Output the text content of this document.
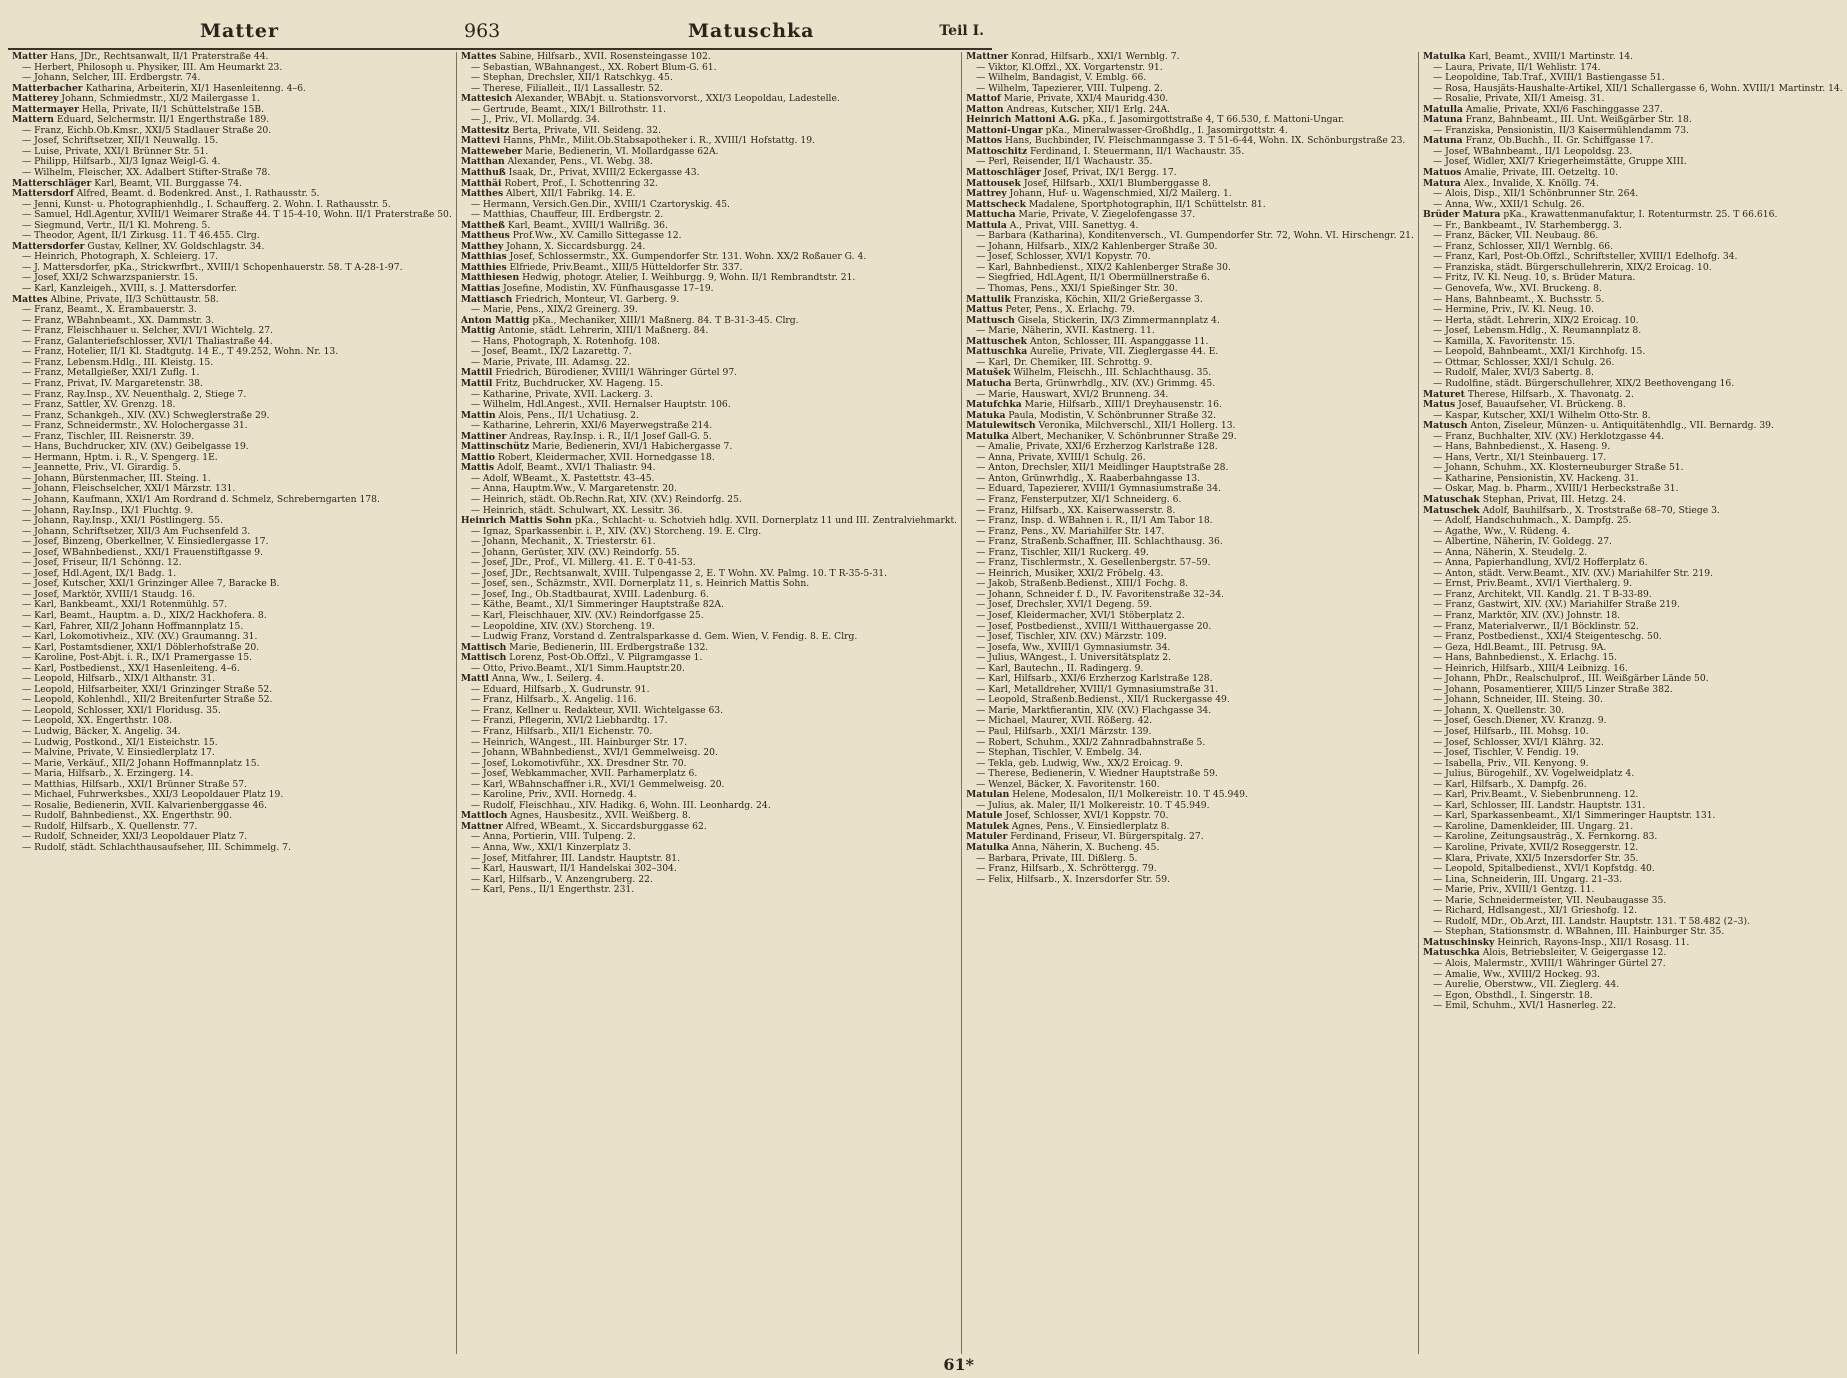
Matter	963	Matuschka	Teil I.
Matter Hans, JDr., Rechtsanwalt, II/1 Praterstraße 44.
— Herbert, Philosoph u. Physiker, III. Am Heumarkt 23.
— Johann, Selcher, III. Erdbergstr. 74.
Matterbacher Katharina, Arbeiterin, XI/1 Hasenleitenng. 4–6.
Matterey Johann, Schmiedmstr., XI/2 Mailergasse 1.
Mattermayer Hella, Private, II/1 Schüttelstraße 15B.
Mattern Eduard, Selchermstr. II/1 Engerthstraße 189.
— Franz, Eichb.Ob.Kmsr., XXI/5 Stadlauer Straße 20.
— Josef, Schriftsetzer, XII/1 Neuwallg. 15.
— Luise, Private, XXI/1 Brünner Str. 51.
— Philipp, Hilfsarb., XI/3 Ignaz Weigl-G. 4.
— Wilhelm, Fleischer, XX. Adalbert Stifter-Straße 78.
Matterschläger Karl, Beamt, VII. Burggasse 74.
Mattersdorf Alfred, Beamt. d. Bodenkred. Anst., I. Rathausstr. 5.
— Jenni, Kunst- u. Photographienhdlg., I. Schaufferg. 2. Wohn. I. Rathausstr. 5.
— Samuel, Hdl.Agentur, XVIII/1 Weimarer Straße 44. T 15-4-10, Wohn. II/1 Praterstraße 50.
— Siegmund, Vertr., II/1 Kl. Mohreng. 5.
— Theodor, Agent, II/1 Zirkusg. 11. T 46.455. Clrg.
Mattersdorfer Gustav, Kellner, XV. Goldschlagstr. 34.
— Heinrich, Photograph, X. Schleierg. 17.
— J. Mattersdorfer, pKa., Strickwrfbrt., XVIII/1 Schopenhauerstr. 58. T A-28-1-97.
— Josef, XXI/2 Schwarzspanierstr. 15.
— Karl, Kanzleigeh., XVIII, s. J. Mattersdorfer.
Mattes Albine, Private, II/3 Schüttaustr. 58.
— Franz, Beamt., X. Erambauerstr. 3.
— Franz, WBahnbeamt., XX. Dammstr. 3.
— Franz, Fleischhauer u. Selcher, XVI/1 Wichtelg. 27.
— Franz, Galanteriefschlosser, XVI/1 Thaliastraße 44.
— Franz, Hotelier, II/1 Kl. Stadtgutg. 14 E., T 49.252, Wohn. Nr. 13.
— Franz, Lebensm.Hdlg., III. Kleistg. 15.
— Franz, Metallgießer, XXI/1 Zuflg. 1.
— Franz, Privat, IV. Margaretenstr. 38.
— Franz, Ray.Insp., XV. Neuenthalg. 2, Stiege 7.
— Franz, Sattler, XV. Grenzg. 18.
— Franz, Schankgeh., XIV. (XV.) Schweglerstraße 29.
— Franz, Schneidermstr., XV. Holochergasse 31.
— Franz, Tischler, III. Reisnerstr. 39.
— Hans, Buchdrucker, XIV. (XV.) Geibelgasse 19.
— Hermann, Hptm. i. R., V. Spengerg. 1E.
— Jeannette, Priv., VI. Girardig. 5.
— Johann, Bürstenmacher, III. Steing. 1.
— Johann, Fleischselcher, XXI/1 Märzstr. 131.
— Johann, Kaufmann, XXI/1 Am Rordrand d. Schmelz, Schreberngarten 178.
— Johann, Ray.Insp., IX/1 Fluchtg. 9.
— Johann, Ray.Insp., XXI/1 Pöstlingerg. 55.
— Johann, Schriftsetzer, XII/3 Am Fuchsenfeld 3.
— Josef, Binzeng, Oberkellner, V. Einsiedlergasse 17.
— Josef, WBahnbedienst., XXI/1 Frauenstiftgasse 9.
— Josef, Friseur, II/1 Schönng. 12.
— Josef, Hdl.Agent, IX/1 Badg. 1.
— Josef, Kutscher, XXI/1 Grinzinger Allee 7, Baracke B.
— Josef, Marktör, XVIII/1 Staudg. 16.
— Karl, Bankbeamt., XXI/1 Rotenmühlg. 57.
— Karl, Beamt., Hauptm. a. D., XIX/2 Hackhofera. 8.
— Karl, Fahrer, XII/2 Johann Hoffmannplatz 15.
— Karl, Lokomotivheiz., XIV. (XV.) Graumanng. 31.
— Karl, Postamtsdiener, XXI/1 Döblerhofstraße 20.
— Karoline, Post-Abjt. i. R., IX/1 Pramergasse 15.
— Karl, Postbedienst., XX/1 Hasenleiteng. 4–6.
— Leopold, Hilfsarb., XIX/1 Althanstr. 31.
— Leopold, Hilfsarbeiter, XXI/1 Grinzinger Straße 52.
— Leopold, Kohlenhdl., XII/2 Breitenfurter Straße 52.
— Leopold, Schlosser, XXI/1 Floridusg. 35.
— Leopold, XX. Engerthstr. 108.
— Ludwig, Bäcker, X. Angelig. 34.
— Ludwig, Postkond., XI/1 Eisteichstr. 15.
— Malvine, Private, V. Einsiedlerplatz 17.
— Marie, Verkäuf., XII/2 Johann Hoffmannplatz 15.
— Maria, Hilfsarb., X. Erzingerg. 14.
— Matthias, Hilfsarb., XXI/1 Brünner Straße 57.
— Michael, Fuhrwerksbes., XXI/3 Leopoldauer Platz 19.
— Rosalie, Bedienerin, XVII. Kalvarienberggasse 46.
— Rudolf, Bahnbedienst., XX. Engerthstr. 90.
— Rudolf, Hilfsarb., X. Quellenstr. 77.
— Rudolf, Schneider, XXI/3 Leopoldauer Platz 7.
— Rudolf, städt. Schlachthausaufseher, III. Schimmelg. 7.
Mattes Sabine, Hilfsarb., XVII. Rosensteingasse 102.
— Sebastian, WBahnangest., XX. Robert Blum-G. 61.
— Stephan, Drechsler, XII/1 Ratschkyg. 45.
— Therese, Filialleit., II/1 Lassallestr. 52.
Mattesich Alexander, WBAbjt. u. Stationsvorvorst., XXI/3 Leopoldau, Ladestelle.
— Gertrude, Beamt., XIX/1 Billrothstr. 11.
— J., Priv., VI. Mollardg. 34.
Mattesitz Berta, Private, VII. Seideng. 32.
Mattevi Hanns, PhMr., Milit.Ob.Stabsapotheker i. R., XVIII/1 Hofstattg. 19.
Matteweber Marie, Bedienerin, VI. Mollardgasse 62A.
Matthan Alexander, Pens., VI. Webg. 38.
Matthuß Isaak, Dr., Privat, XVIII/2 Eckergasse 43.
Matthäi Robert, Prof., I. Schottenring 32.
Matthes Albert, XII/1 Fabrikg. 14. E.
— Hermann, Versich.Gen.Dir., XVIII/1 Czartoryskig. 45.
— Matthias, Chauffeur, III. Erdbergstr. 2.
Mattheß Karl, Beamt., XVIII/1 Wallrißg. 36.
Mattheus Prof.Ww., XV. Camillo Sittegasse 12.
Matthey Johann, X. Siccardsburgg. 24.
Matthias Josef, Schlossermstr., XX. Gumpendorfer Str. 131. Wohn. XX/2 Roßauer G. 4.
Matthies Elfriede, Priv.Beamt., XIII/5 Hütteldorfer Str. 337.
Matthiesen Hedwig, photogr. Atelier, I. Weihburgg. 9, Wohn. II/1 Rembrandtstr. 21.
Mattias Josefine, Modistin, XV. Fünfhausgasse 17–19.
Mattiasch Friedrich, Monteur, VI. Garberg. 9.
— Marie, Pens., XIX/2 Greinerg. 39.
Anton Mattig pKa., Mechaniker, XIII/1 Maßnerg. 84. T B-31-3-45. Clrg.
Mattig Antonie, städt. Lehrerin, XIII/1 Maßnerg. 84.
— Hans, Photograph, X. Rotenhofg. 108.
— Josef, Beamt., IX/2 Lazarettg. 7.
— Marie, Private, III. Adamsg. 22.
Mattil Friedrich, Bürodiener, XVIII/1 Währinger Gürtel 97.
Mattil Fritz, Buchdrucker, XV. Hageng. 15.
— Katharine, Private, XVII. Lackerg. 3.
— Wilhelm, Hdl.Angest., XVII. Hernalser Hauptstr. 106.
Mattin Alois, Pens., II/1 Uchatiusg. 2.
— Katharine, Lehrerin, XXI/6 Mayerwegstraße 214.
Mattiner Andreas, Ray.Insp. i. R., II/1 Josef Gall-G. 5.
Mattinschütz Marie, Bedienerin, XVI/1 Habichergasse 7.
Mattio Robert, Kleidermacher, XVII. Hornedgasse 18.
Mattis Adolf, Beamt., XVI/1 Thaliastr. 94.
— Adolf, WBeamt., X. Pastettstr. 43–45.
— Anna, Hauptm.Ww., V. Margaretenstr. 20.
— Heinrich, städt. Ob.Rechn.Rat, XIV. (XV.) Reindorfg. 25.
— Heinrich, städt. Schulwart, XX. Lessitr. 36.
Heinrich Mattis Sohn pKa., Schlacht- u. Schotvieh hdlg. XVII. Dornerplatz 11 und III. Zentralviehmarkt.
— Ignaz, Sparkassenbir. i. P., XIV. (XV.) Storcheng. 19. E. Clrg.
— Johann, Mechanit., X. Triesterstr. 61.
— Johann, Gerüster, XIV. (XV.) Reindorfg. 55.
— Josef, JDr., Prof., VI. Millerg. 41. E. T 0-41-53.
— Josef, JDr., Rechtsanwalt, XVIII. Tulpengasse 2, E. T Wohn. XV. Palmg. 10. T R-35-5-31.
— Josef, sen., Schäzmstr., XVII. Dornerplatz 11, s. Heinrich Mattis Sohn.
— Josef, Ing., Ob.Stadtbaurat, XVIII. Ladenburg. 6.
— Käthe, Beamt., XI/1 Simmeringer Hauptstraße 82A.
— Karl, Fleischhauer, XIV. (XV.) Reindorfgasse 25.
— Leopoldine, XIV. (XV.) Storcheng. 19.
— Ludwig Franz, Vorstand d. Zentralsparkasse d. Gem. Wien, V. Fendig. 8. E. Clrg.
Mattisch Marie, Bedienerin, III. Erdbergstraße 132.
Mattisch Lorenz, Post-Ob.Offzl., V. Pilgramgasse 1.
— Otto, Privo.Beamt., XI/1 Simm.Hauptstr.20.
Mattl Anna, Ww., I. Seilerg. 4.
— Eduard, Hilfsarb., X. Gudrunstr. 91.
— Franz, Hilfsarb., X. Angelig. 116.
— Franz, Kellner u. Redakteur, XVII. Wichtelgasse 63.
— Franzi, Pflegerin, XVI/2 Liebhardtg. 17.
— Franz, Hilfsarb., XII/1 Eichenstr. 70.
— Heinrich, WAngest., III. Hainburger Str. 17.
— Johann, WBahnbedienst., XVI/1 Gemmelweisg. 20.
— Josef, Lokomotivführ., XX. Dresdner Str. 70.
— Josef, Webkammacher, XVII. Parhamerplatz 6.
— Karl, WBahnschaffner i.R., XVI/1 Gemmelweisg. 20.
— Karoline, Priv., XVII. Hornedg. 4.
— Rudolf, Fleischhau., XIV. Hadikg. 6, Wohn. III. Leonhardg. 24.
Mattloch Agnes, Hausbesitz., XVII. Weißberg. 8.
Mattner Alfred, WBeamt., X. Siccardsburggasse 62.
— Anna, Portierin, VIII. Tulpeng. 2.
— Anna, Ww., XXI/1 Kinzerplatz 3.
— Josef, Mitfahrer, III. Landstr. Hauptstr. 81.
— Karl, Hauswart, II/1 Handelskai 302–304.
— Karl, Hilfsarb., V. Anzengruberg. 22.
— Karl, Pens., II/1 Engerthstr. 231.
Mattner Konrad, Hilfsarb., XXI/1 Wernblg. 7.
— Viktor, Kl.Offzl., XX. Vorgartenstr. 91.
— Wilhelm, Bandagist, V. Emblg. 66.
— Wilhelm, Tapezierer, VIII. Tulpeng. 2.
Mattof Marie, Private, XXI/4 Mauridg.430.
Matton Andreas, Kutscher, XII/1 Erlg. 24A.
Heinrich Mattoni A.G. pKa., f. Jasomirgottstraße 4, T 66.530, f. Mattoni-Ungar.
Mattoni-Ungar pKa., Mineralwasser-Großhdlg., I. Jasomirgottstr. 4.
Mattos Hans, Buchbinder, IV. Fleischmanngasse 3. T 51-6-44, Wohn. IX. Schönburgstraße 23.
Mattoschitz Ferdinand, I. Steuermann, II/1 Wachaustr. 35.
— Perl, Reisender, II/1 Wachaustr. 35.
Mattoschläger Josef, Privat, IX/1 Bergg. 17.
Mattousek Josef, Hilfsarb., XXI/1 Blumberggasse 8.
Mattrey Johann, Huf- u. Wagenschmied, XI/2 Mailerg. 1.
Mattscheck Madalene, Sportphotographin, II/1 Schüttelstr. 81.
Mattucha Marie, Private, V. Ziegelofengasse 37.
Mattula A., Privat, VIII. Sanettyg. 4.
— Barbara (Katharina), Konditenversch., VI. Gumpendorfer Str. 72, Wohn. VI. Hirschengr. 21.
— Johann, Hilfsarb., XIX/2 Kahlenberger Straße 30.
— Josef, Schlosser, XVI/1 Kopystr. 70.
— Karl, Bahnbedienst., XIX/2 Kahlenberger Straße 30.
— Siegfried, Hdl.Agent, II/1 Obermüllnerstraße 6.
— Thomas, Pens., XXI/1 Spießinger Str. 30.
Mattulik Franziska, Köchin, XII/2 Grießergasse 3.
Mattus Peter, Pens., X. Erlachg. 79.
Mattusch Gisela, Stickerin, IX/3 Zimmermannplatz 4.
— Marie, Näherin, XVII. Kastnerg. 11.
Mattuschek Anton, Schlosser, III. Aspanggasse 11.
Mattuschka Aurelie, Private, VII. Zieglergasse 44. E.
— Karl, Dr. Chemiker, III. Schrottg. 9.
Matušek Wilhelm, Fleischh., III. Schlachthausg. 35.
Matucha Berta, Grünwrhdlg., XIV. (XV.) Grimmg. 45.
— Marie, Hauswart, XVI/2 Brunneng. 34.
Matufchka Marie, Hilfsarb., XIII/1 Dreyhausenstr. 16.
Matuka Paula, Modistin, V. Schönbrunner Straße 32.
Matulewitsch Veronika, Milchverschl., XII/1 Hollerg. 13.
Matulka Albert, Mechaniker, V. Schönbrunner Straße 29.
— Amalie, Private, XXI/6 Erzherzog Karlstraße 128.
— Anna, Private, XVIII/1 Schulg. 26.
— Anton, Drechsler, XII/1 Meidlinger Hauptstraße 28.
— Anton, Grünwrhdlg., X. Raaberbahngasse 13.
— Eduard, Tapezierer, XVIII/1 Gymnasiumstraße 34.
— Franz, Fensterputzer, XI/1 Schneiderg. 6.
— Franz, Hilfsarb., XX. Kaiserwasserstr. 8.
— Franz, Insp. d. WBahnen i. R., II/1 Am Tabor 18.
— Franz, Pens., XV. Mariahilfer Str. 147.
— Franz, Straßenb.Schaffner, III. Schlachthausg. 36.
— Franz, Tischler, XII/1 Ruckerg. 49.
— Franz, Tischlermstr., X. Gesellenbergstr. 57–59.
— Heinrich, Musiker, XXI/2 Fröbelg. 43.
— Jakob, Straßenb.Bedienst., XIII/1 Fochg. 8.
— Johann, Schneider f. D., IV. Favoritenstraße 32–34.
— Josef, Drechsler, XVI/1 Degeng. 59.
— Josef, Kleidermacher, XVI/1 Stöberplatz 2.
— Josef, Postbedienst., XVIII/1 Witthauergasse 20.
— Josef, Tischler, XIV. (XV.) Märzstr. 109.
— Josefa, Ww., XVIII/1 Gymnasiumstr. 34.
— Julius, WAngest., I. Universitätsplatz 2.
— Karl, Bautechn., II. Radingerg. 9.
— Karl, Hilfsarb., XXI/6 Erzherzog Karlstraße 128.
— Karl, Metalldreher, XVIII/1 Gymnasiumstraße 31.
— Leopold, Straßenb.Bedienst., XII/1 Ruckergasse 49.
— Marie, Marktfierantin, XIV. (XV.) Flachgasse 34.
— Michael, Maurer, XVII. Rößerg. 42.
— Paul, Hilfsarb., XXI/1 Märzstr. 139.
— Robert, Schuhm., XXI/2 Zahnradbahnstraße 5.
— Stephan, Tischler, V. Embelg. 34.
— Tekla, geb. Ludwig, Ww., XX/2 Eroicag. 9.
— Therese, Bedienerin, V. Wiedner Hauptstraße 59.
— Wenzel, Bäcker, X. Favoritenstr. 160.
Matulan Helene, Modesalon, II/1 Molkereistr. 10. T 45.949.
— Julius, ak. Maler, II/1 Molkereistr. 10. T 45.949.
Matule Josef, Schlosser, XVI/1 Koppstr. 70.
Matulek Agnes, Pens., V. Einsiedlerplatz 8.
Matuler Ferdinand, Friseur, VI. Bürgerspitalg. 27.
Matulka Anna, Näherin, X. Bucheng. 45.
— Barbara, Private, III. Dißlerg. 5.
— Franz, Hilfsarb., X. Schröttergg. 79.
— Felix, Hilfsarb., X. Inzersdorfer Str. 59.
Matulka Karl, Beamt., XVIII/1 Martinstr. 14.
— Laura, Private, II/1 Wehlistr. 174.
— Leopoldine, Tab.Traf., XVIII/1 Bastiengasse 51.
— Rosa, Hausjäts-Haushalte-Artikel, XII/1 Schallergasse 6, Wohn. XVIII/1 Martinstr. 14.
— Rosalie, Private, XII/1 Ameisg. 31.
Matulla Amalie, Private, XXI/6 Faschinggasse 237.
Matuna Franz, Bahnbeamt., III. Unt. Weißgärber Str. 18.
— Franziska, Pensionistin, II/3 Kaisermühlendamm 73.
Matuna Franz, Ob.Buchh., II. Gr. Schiffgasse 17.
— Josef, WBahnbeamt., II/1 Leopoldsg. 23.
— Josef, Widler, XXI/7 Kriegerheimstätte, Gruppe XIII.
Matuos Amalie, Private, III. Oetzeltg. 10.
Matura Alex., Invalide, X. Knöllg. 74.
— Alois, Disp., XII/1 Schönbrunner Str. 264.
— Anna, Ww., XXII/1 Schulg. 26.
Brüder Matura pKa., Krawattenmanufaktur, I. Rotenturmstr. 25. T 66.616.
— Fr., Bankbeamt., IV. Starhembergg. 3.
— Franz, Bäcker, VII. Neubaug. 86.
— Franz, Schlosser, XII/1 Wernblg. 66.
— Franz, Karl, Post-Ob.Offzl., Schriftsteller, XVIII/1 Edelhofg. 34.
— Franziska, städt. Bürgerschullehrerin, XIX/2 Eroicag. 10.
— Fritz, IV. Kl. Neug. 10, s. Brüder Matura.
— Genovefa, Ww., XVI. Bruckeng. 8.
— Hans, Bahnbeamt., X. Buchsstr. 5.
— Hermine, Priv., IV. Kl. Neug. 10.
— Herta, städt. Lehrerin, XIX/2 Eroicag. 10.
— Josef, Lebensm.Hdlg., X. Reumannplatz 8.
— Kamilla, X. Favoritenstr. 15.
— Leopold, Bahnbeamt., XXI/1 Kirchhofg. 15.
— Ottmar, Schlosser, XXI/1 Schulg. 26.
— Rudolf, Maler, XVI/3 Sabertg. 8.
— Rudolfine, städt. Bürgerschullehrer, XIX/2 Beethovengang 16.
Maturet Therese, Hilfsarb., X. Thavonatg. 2.
Matus Josef, Bauaufseher, VI. Brückeng. 8.
— Kaspar, Kutscher, XXI/1 Wilhelm Otto-Str. 8.
Matusch Anton, Ziseleur, Münzen- u. Antiquitätenhdlg., VII. Bernardg. 39.
— Franz, Buchhalter, XIV. (XV.) Herklotzgasse 44.
— Hans, Bahnbedienst., X. Haseng. 9.
— Hans, Vertr., XI/1 Steinbauerg. 17.
— Johann, Schuhm., XX. Klosterneuburger Straße 51.
— Katharine, Pensionistin, XV. Hackeng. 31.
— Oskar, Mag. b. Pharm., XVIII/1 Herbeckstraße 31.
Matuschak Stephan, Privat, III. Hetzg. 24.
Matuschek Adolf, Bauhilfsarb., X. Troststraße 68–70, Stiege 3.
— Adolf, Handschuhmach., X. Dampfg. 25.
— Agathe, Ww., V. Rüdeng. 4.
— Albertine, Näherin, IV. Goldegg. 27.
— Anna, Näherin, X. Steudelg. 2.
— Anna, Papierhandlung, XVI/2 Hofferplatz 6.
— Anton, städt. Verw.Beamt., XIV. (XV.) Mariahilfer Str. 219.
— Ernst, Priv.Beamt., XVI/1 Vierthalerg. 9.
— Franz, Architekt, VII. Kandlg. 21. T B-33-89.
— Franz, Gastwirt, XIV. (XV.) Mariahilfer Straße 219.
— Franz, Marktör, XIV. (XV.) Johnstr. 18.
— Franz, Materialverwr., II/1 Böcklinstr. 52.
— Franz, Postbedienst., XXI/4 Steigenteschg. 50.
— Geza, Hdl.Beamt., III. Petrusg. 9A.
— Hans, Bahnbedienst., X. Erlachg. 15.
— Heinrich, Hilfsarb., XIII/4 Leibnizg. 16.
— Johann, PhDr., Realschulprof., III. Weißgärber Lände 50.
— Johann, Posamentierer, XIII/5 Linzer Straße 382.
— Johann, Schneider, III. Steing. 30.
— Johann, X. Quellenstr. 30.
— Josef, Gesch.Diener, XV. Kranzg. 9.
— Josef, Hilfsarb., III. Mohsg. 10.
— Josef, Schlosser, XVI/1 Klährg. 32.
— Josef, Tischler, V. Fendig. 19.
— Isabella, Priv., VII. Kenyong. 9.
— Julius, Bürogehilf., XV. Vogelweidplatz 4.
— Karl, Hilfsarb., X. Dampfg. 26.
— Karl, Priv.Beamt., V. Siebenbrunneng. 12.
— Karl, Schlosser, III. Landstr. Hauptstr. 131.
— Karl, Sparkassenbeamt., XI/1 Simmeringer Hauptstr. 131.
— Karoline, Damenkleider, III. Ungarg. 21.
— Karoline, Zeitungsausträg., X. Fernkorng. 83.
— Karoline, Private, XVII/2 Roseggerstr. 12.
— Klara, Private, XXI/5 Inzersdorfer Str. 35.
— Leopold, Spitalbedienst., XVI/1 Kopfstdg. 40.
— Lina, Schneiderin, III. Ungarg. 21–33.
— Marie, Priv., XVIII/1 Gentzg. 11.
— Marie, Schneidermeister, VII. Neubaugasse 35.
— Richard, Hdlsangest., XI/1 Grieshofg. 12.
— Rudolf, MDr., Ob.Arzt, III. Landstr. Hauptstr. 131. T 58.482 (2–3).
— Stephan, Stationsmstr. d. WBahnen, III. Hainburger Str. 35.
Matuschinsky Heinrich, Rayons-Insp., XII/1 Rosasg. 11.
Matuschka Alois, Betriebsleiter, V. Geigergasse 12.
— Alois, Malermstr., XVIII/1 Währinger Gürtel 27.
— Amalie, Ww., XVIII/2 Hockeg. 93.
— Aurelie, Oberstww., VII. Zieglerg. 44.
— Egon, Obsthdl., I. Singerstr. 18.
— Emil, Schuhm., XVI/1 Hasnerleg. 22.
61*
